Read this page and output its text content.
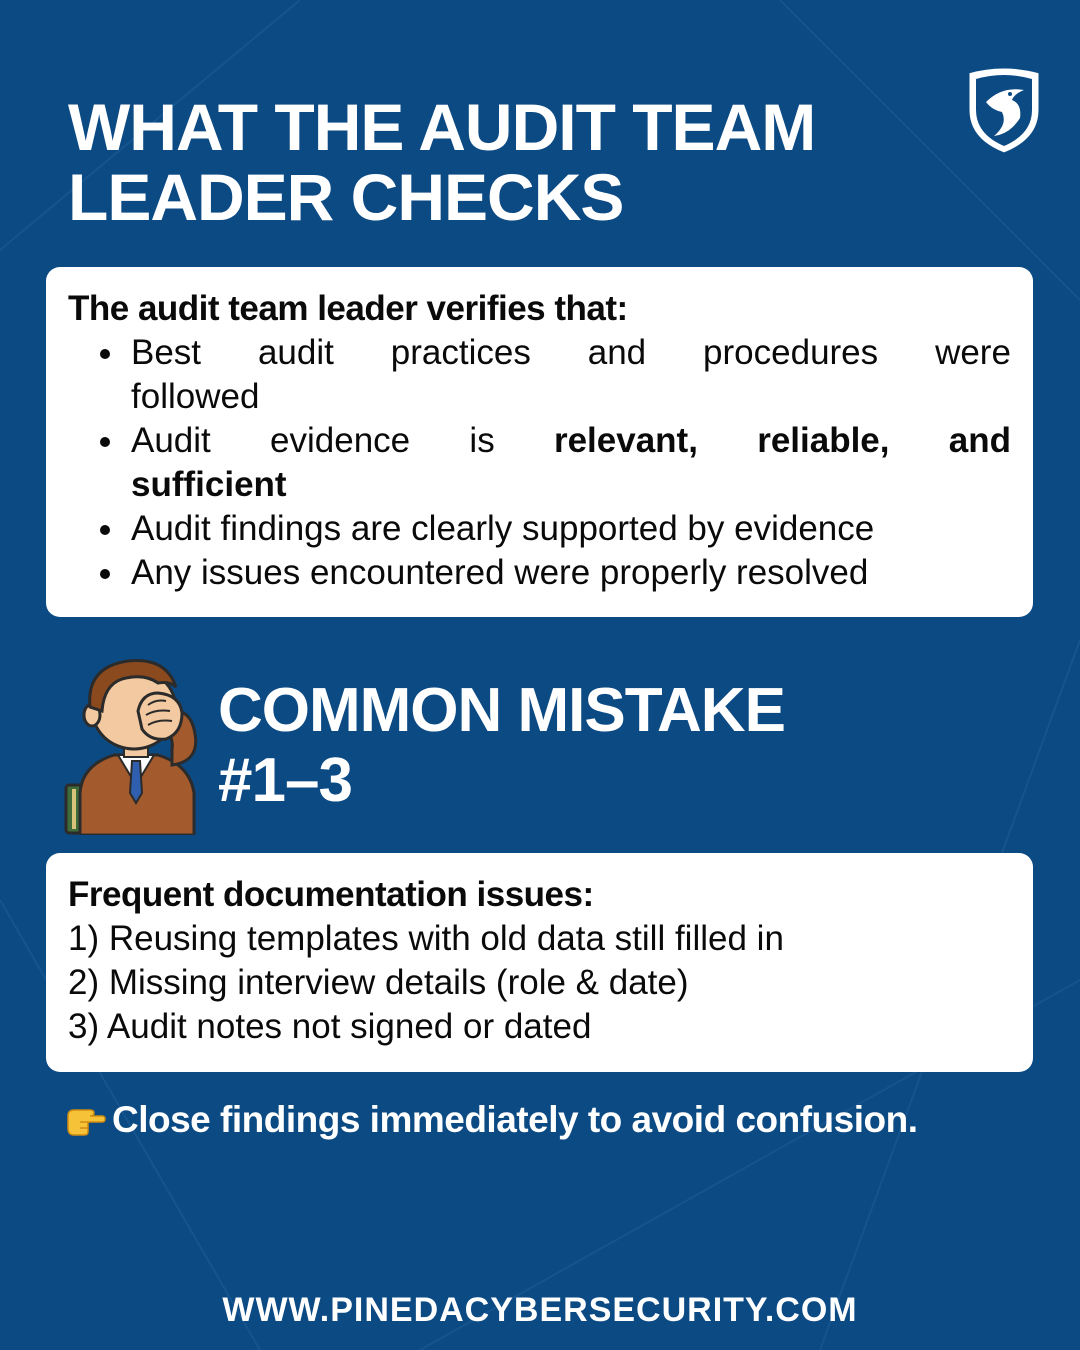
WHAT THE AUDIT TEAM
LEADER CHECKS

The audit team leader verifies that:

Best audit practices and procedures were
followed
Audit evidence is relevant, reliable, and
sufficient
Audit findings are clearly supported by evidence
Any issues encountered were properly resolved
COMMON MISTAKE
#1–3

Frequent documentation issues:

1) Reusing templates with old data still filled in
2) Missing interview details (role & date)
3) Audit notes not signed or dated
Close findings immediately to avoid confusion.
WWW.PINEDACYBERSECURITY.COM
